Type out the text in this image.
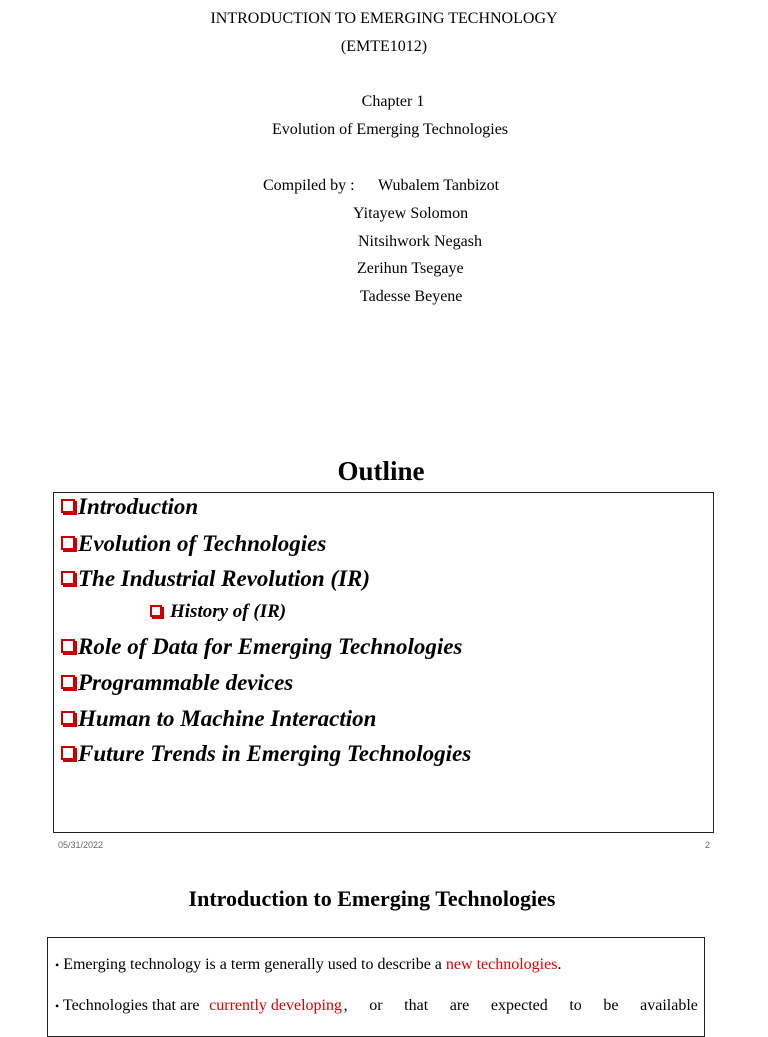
INTRODUCTION TO EMERGING TECHNOLOGY
(EMTE1012)
Chapter 1
Evolution of Emerging Technologies
Compiled by : Wubalem Tanbizot
Yitayew Solomon
Nitsihwork Negash
Zerihun Tsegaye
Tadesse Beyene
Outline
Introduction
Evolution of Technologies
The Industrial Revolution (IR)
History of (IR)
Role of Data for Emerging Technologies
Programmable devices
Human to Machine Interaction
Future Trends in Emerging Technologies
05/31/2022	2
Introduction to Emerging Technologies
• Emerging technology is a term generally used to describe a new technologies.
• Technologies that are currently developing , or that are expected to be available
